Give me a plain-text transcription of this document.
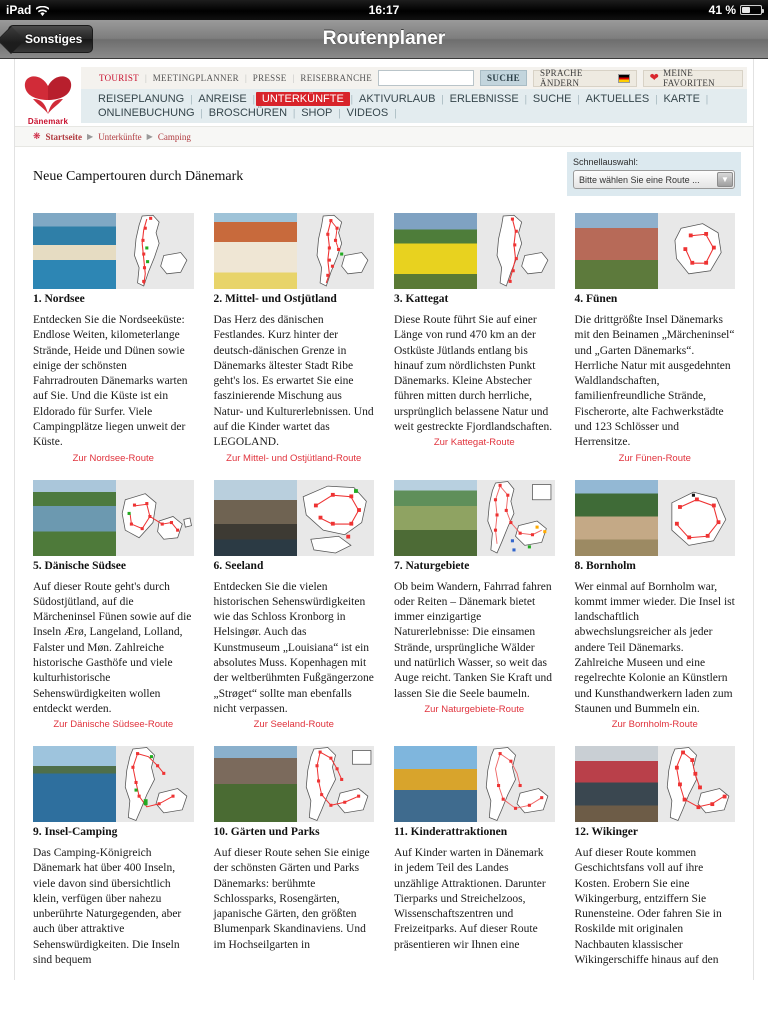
iPad	16:17	41 %
Sonstiges	Routenplaner
Dänemark
TOURIST | MEETINGPLANNER | PRESSE | REISEBRANCHE	SUCHE	SPRACHE ÄNDERN	❤ MEINE FAVORITEN
REISEPLANUNG | ANREISE | UNTERKÜNFTE | AKTIVURLAUB | ERLEBNISSE | SUCHE | AKTUELLES | KARTE |
ONLINEBUCHUNG | BROSCHÜREN | SHOP | VIDEOS |
❋ Startseite ▶ Unterkünfte ▶ Camping
Neue Campertouren durch Dänemark
Schnellauswahl:
Bitte wählen Sie eine Route ...	▼
1. Nordsee
Entdecken Sie die Nordseeküste: Endlose Weiten, kilometerlange Strände, Heide und Dünen sowie einige der schönsten Fahrradrouten Dänemarks warten auf Sie. Und die Küste ist ein Eldorado für Surfer. Viele Campingplätze liegen unweit der Küste.
Zur Nordsee-Route
2. Mittel- und Ostjütland
Das Herz des dänischen Festlandes. Kurz hinter der deutsch-dänischen Grenze in Dänemarks ältester Stadt Ribe geht's los. Es erwartet Sie eine faszinierende Mischung aus Natur- und Kulturerlebnissen. Und auf die Kinder wartet das LEGOLAND.
Zur Mittel- und Ostjütland-Route
3. Kattegat
Diese Route führt Sie auf einer Länge von rund 470 km an der Ostküste Jütlands entlang bis hinauf zum nördlichsten Punkt Dänemarks. Kleine Abstecher führen mitten durch herrliche, ursprünglich belassene Natur und weit gestreckte Fjordlandschaften.
Zur Kattegat-Route
4. Fünen
Die drittgrößte Insel Dänemarks mit den Beinamen „Märcheninsel“ und „Garten Dänemarks“. Herrliche Natur mit ausgedehnten Waldlandschaften, familienfreundliche Strände, Fischerorte, alte Fachwerkstädte und 123 Schlösser und Herrensitze.
Zur Fünen-Route
5. Dänische Südsee
Auf dieser Route geht's durch Südostjütland, auf die Märcheninsel Fünen sowie auf die Inseln Ærø, Langeland, Lolland, Falster und Møn. Zahlreiche historische Gasthöfe und viele kulturhistorische Sehenswürdigkeiten wollen entdeckt werden.
Zur Dänische Südsee-Route
6. Seeland
Entdecken Sie die vielen historischen Sehenswürdigkeiten wie das Schloss Kronborg in Helsingør. Auch das Kunstmuseum „Louisiana“ ist ein absolutes Muss. Kopenhagen mit der weltberühmten Fußgängerzone „Strøget“ sollte man ebenfalls nicht verpassen.
Zur Seeland-Route
7. Naturgebiete
Ob beim Wandern, Fahrrad fahren oder Reiten – Dänemark bietet immer einzigartige Naturerlebnisse: Die einsamen Strände, ursprüngliche Wälder und natürlich Wasser, so weit das Auge reicht. Tanken Sie Kraft und lassen Sie die Seele baumeln.
Zur Naturgebiete-Route
8. Bornholm
Wer einmal auf Bornholm war, kommt immer wieder. Die Insel ist landschaftlich abwechslungsreicher als jeder andere Teil Dänemarks. Zahlreiche Museen und eine regelrechte Kolonie an Künstlern und Kunsthandwerkern laden zum Staunen und Bummeln ein.
Zur Bornholm-Route
9. Insel-Camping
Das Camping-Königreich Dänemark hat über 400 Inseln, viele davon sind übersichtlich klein, verfügen über nahezu unberührte Naturgegenden, aber auch über attraktive Sehenswürdigkeiten. Die Inseln sind bequem
10. Gärten und Parks
Auf dieser Route sehen Sie einige der schönsten Gärten und Parks Dänemarks: berühmte Schlossparks, Rosengärten, japanische Gärten, den größten Blumenpark Skandinaviens. Und im Hochseilgarten in
11. Kinderattraktionen
Auf Kinder warten in Dänemark in jedem Teil des Landes unzählige Attraktionen. Darunter Tierparks und Streichelzoos, Wissenschaftszentren und Freizeitparks. Auf dieser Route präsentieren wir Ihnen eine
12. Wikinger
Auf dieser Route kommen Geschichtsfans voll auf ihre Kosten. Erobern Sie eine Wikingerburg, entziffern Sie Runensteine. Oder fahren Sie in Roskilde mit originalen Nachbauten klassischer Wikingerschiffe hinaus auf den
